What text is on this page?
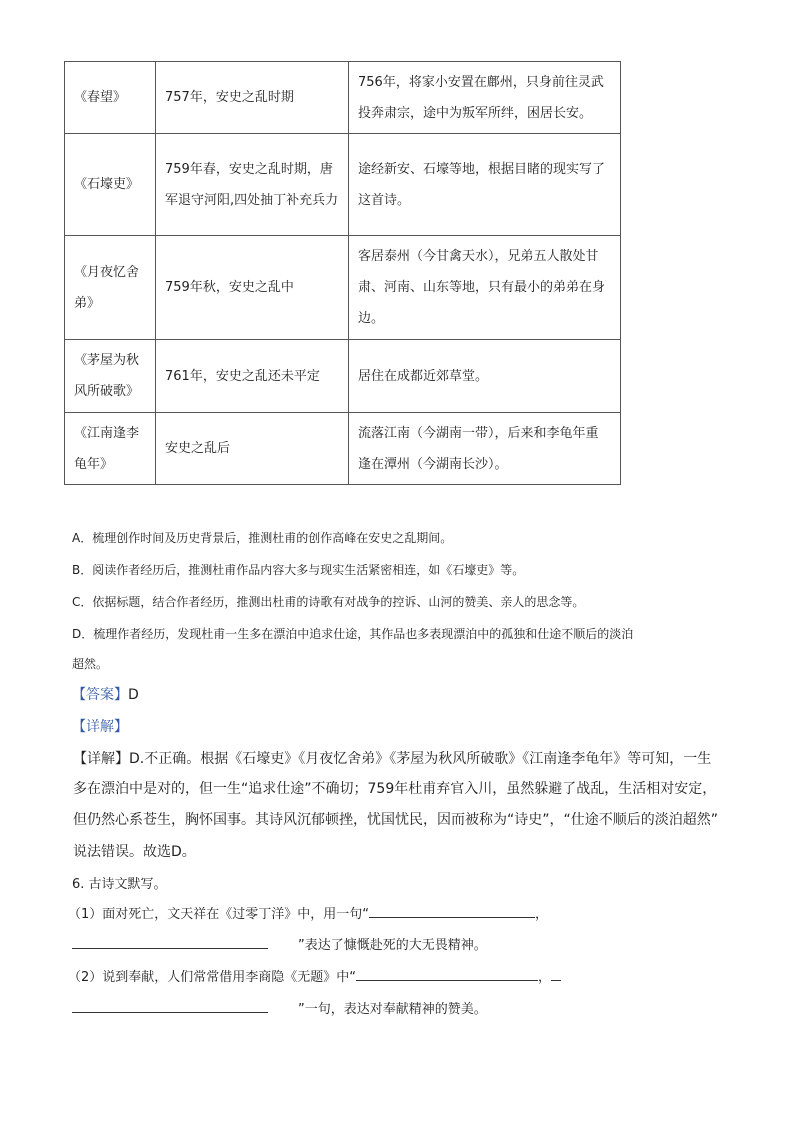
《春望》	757年，安史之乱时期	756年，将家小安置在鄜州，只身前往灵武投奔肃宗，途中为叛军所绊，困居长安。
《石壕吏》	759年春，安史之乱时期，唐军退守河阳,四处抽丁补充兵力	途经新安、石壕等地，根据目睹的现实写了这首诗。
《月夜忆舍弟》	759年秋，安史之乱中	客居泰州（今甘禽天水），兄弟五人散处甘肃、河南、山东等地，只有最小的弟弟在身边。
《茅屋为秋风所破歌》	761年，安史之乱还未平定	居住在成都近郊草堂。
《江南逢李龟年》	安史之乱后	流落江南（今湖南一带），后来和李龟年重逢在潭州（今湖南长沙）。
A．梳理创作时间及历史背景后，推测杜甫的创作高峰在安史之乱期间。
B．阅读作者经历后，推测杜甫作品内容大多与现实生活紧密相连，如《石壕吏》等。
C．依据标题，结合作者经历，推测出杜甫的诗歌有对战争的控诉、山河的赞美、亲人的思念等。
D．梳理作者经历，发现杜甫一生多在漂泊中追求仕途，其作品也多表现漂泊中的孤独和仕途不顺后的淡泊
超然。
【答案】D
【详解】
【详解】D.不正确。根据《石壕吏》《月夜忆舍弟》《茅屋为秋风所破歌》《江南逢李龟年》等可知，一生
多在漂泊中是对的，但一生“追求仕途”不确切；759年杜甫弃官入川，虽然躲避了战乱，生活相对安定，
但仍然心系苍生，胸怀国事。其诗风沉郁顿挫，忧国忧民，因而被称为“诗史”，“仕途不顺后的淡泊超然”
说法错误。故选D。
6. 古诗文默写。
（1）面对死亡，文天祥在《过零丁洋》中，用一句“	，
”表达了慷慨赴死的大无畏精神。
（2）说到奉献，人们常常借用李商隐《无题》中“	，
”一句，表达对奉献精神的赞美。
